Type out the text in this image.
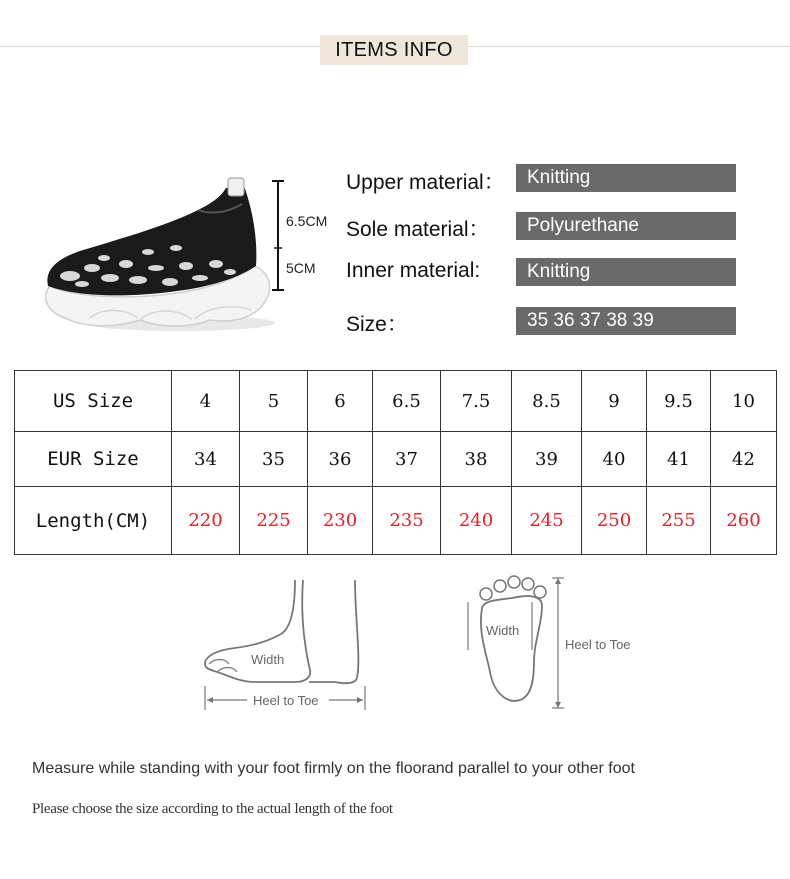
ITEMS INFO
6.5CM
5CM
Upper material：	Knitting
Sole material：	Polyurethane
Inner material:	Knitting
Size：	35 36 37 38 39
US Size	4	5	6	6.5	7.5	8.5	9	9.5	10
EUR Size	34	35	36	37	38	39	40	41	42
Length(CM)	220	225	230	235	240	245	250	255	260
Width
Heel to Toe
Width
Heel to Toe
Measure while standing with your foot firmly on the floorand parallel to your other foot
Please choose the size according to the actual length of the foot
